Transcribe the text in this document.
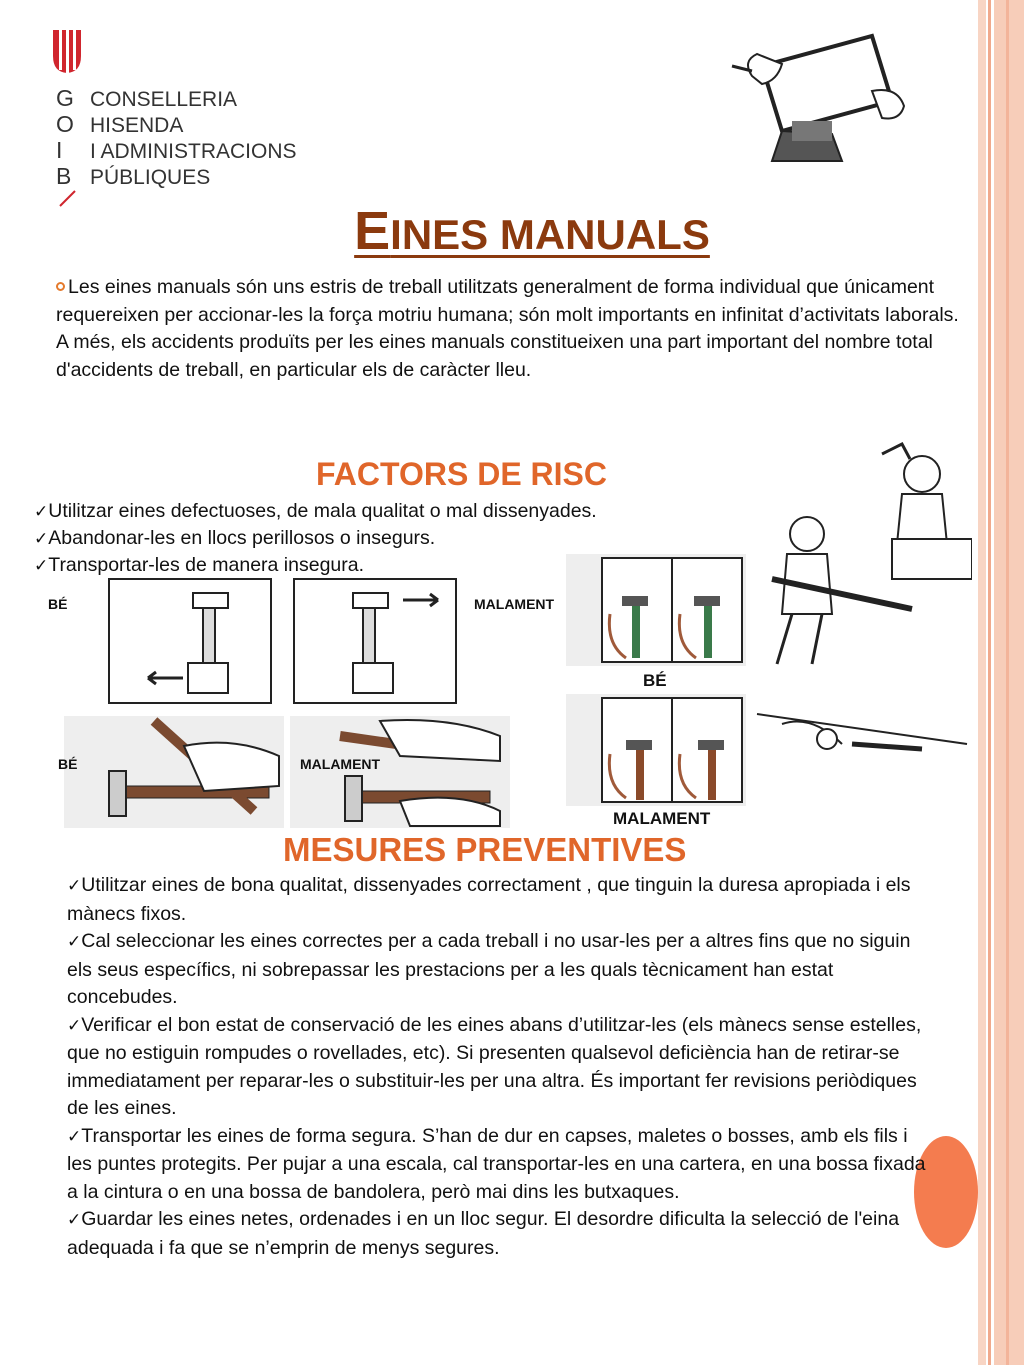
G CONSELLERIA
O HISENDA
I I ADMINISTRACIONS
B PÚBLIQUES
EINES MANUALS
Les eines manuals són uns estris de treball utilitzats generalment de forma individual que únicament requereixen per accionar-les la força motriu humana; són molt importants en infinitat d’activitats laborals. A més, els accidents produïts per les eines manuals constitueixen una part important del nombre total d'accidents de treball, en particular els de caràcter lleu.
FACTORS DE RISC

✓Utilitzar eines defectuoses, de mala qualitat o mal dissenyades.

✓Abandonar-les en llocs perillosos o insegurs.

✓Transportar-les de manera insegura.

BÉ	MALAMENT
BÉ
MALAMENT
BÉ	MALAMENT
MESURES PREVENTIVES

✓Utilitzar eines de bona qualitat, dissenyades correctament , que tinguin la duresa apropiada i els mànecs fixos.

✓Cal seleccionar les eines correctes per a cada treball i no usar-les per a altres fins que no siguin els seus específics, ni sobrepassar les prestacions per a les quals tècnicament han estat concebudes.

✓Verificar el bon estat de conservació de les eines abans d’utilitzar-les (els mànecs sense estelles, que no estiguin rompudes o rovellades, etc). Si presenten qualsevol deficiència han de retirar-se immediatament per reparar-les o substituir-les per una altra. És important fer revisions periòdiques de les eines.

✓Transportar les eines de forma segura. S’han de dur en capses, maletes o bosses, amb els fils i les puntes protegits. Per pujar a una escala, cal transportar-les en una cartera, en una bossa fixada a la cintura o en una bossa de bandolera, però mai dins les butxaques.

✓Guardar les eines netes, ordenades i en un lloc segur. El desordre dificulta la selecció de l'eina adequada i fa que se n’emprin de menys segures.
